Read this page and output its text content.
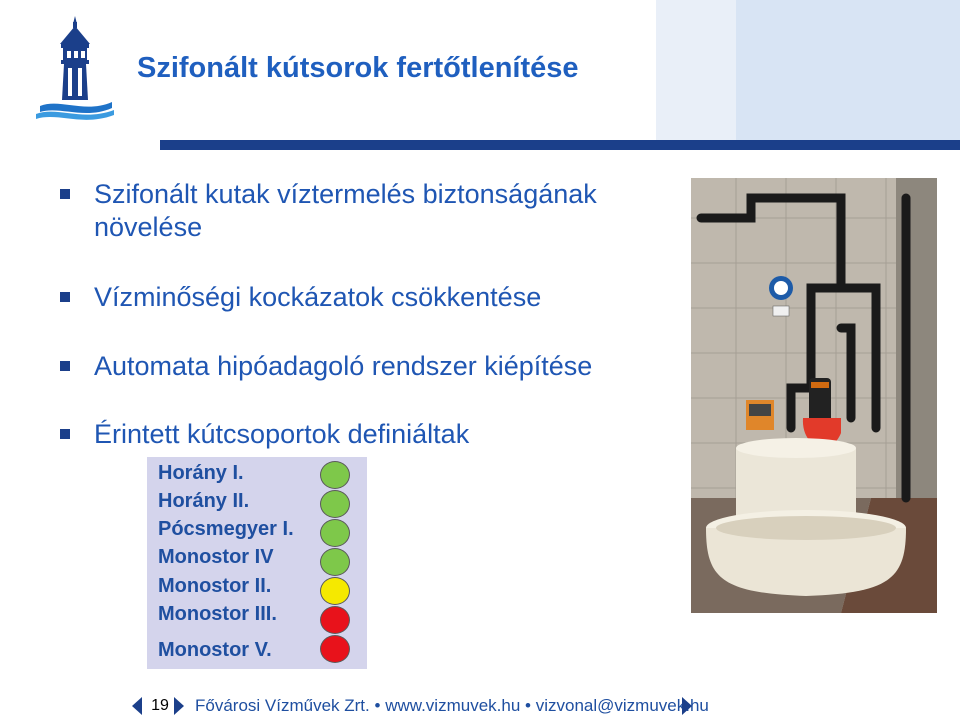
Szifonált kútsorok fertőtlenítése
Szifonált kutak víztermelés biztonságának növelése
Vízminőségi kockázatok csökkentése
Automata hipóadagoló rendszer kiépítése
Érintett kútcsoportok definiáltak
Horány I.
Horány II.
Pócsmegyer I.
Monostor IV
Monostor II.
Monostor III.
Monostor V.
19	Fővárosi Vízművek Zrt. • www.vizmuvek.hu • vizvonal@vizmuvek.hu
